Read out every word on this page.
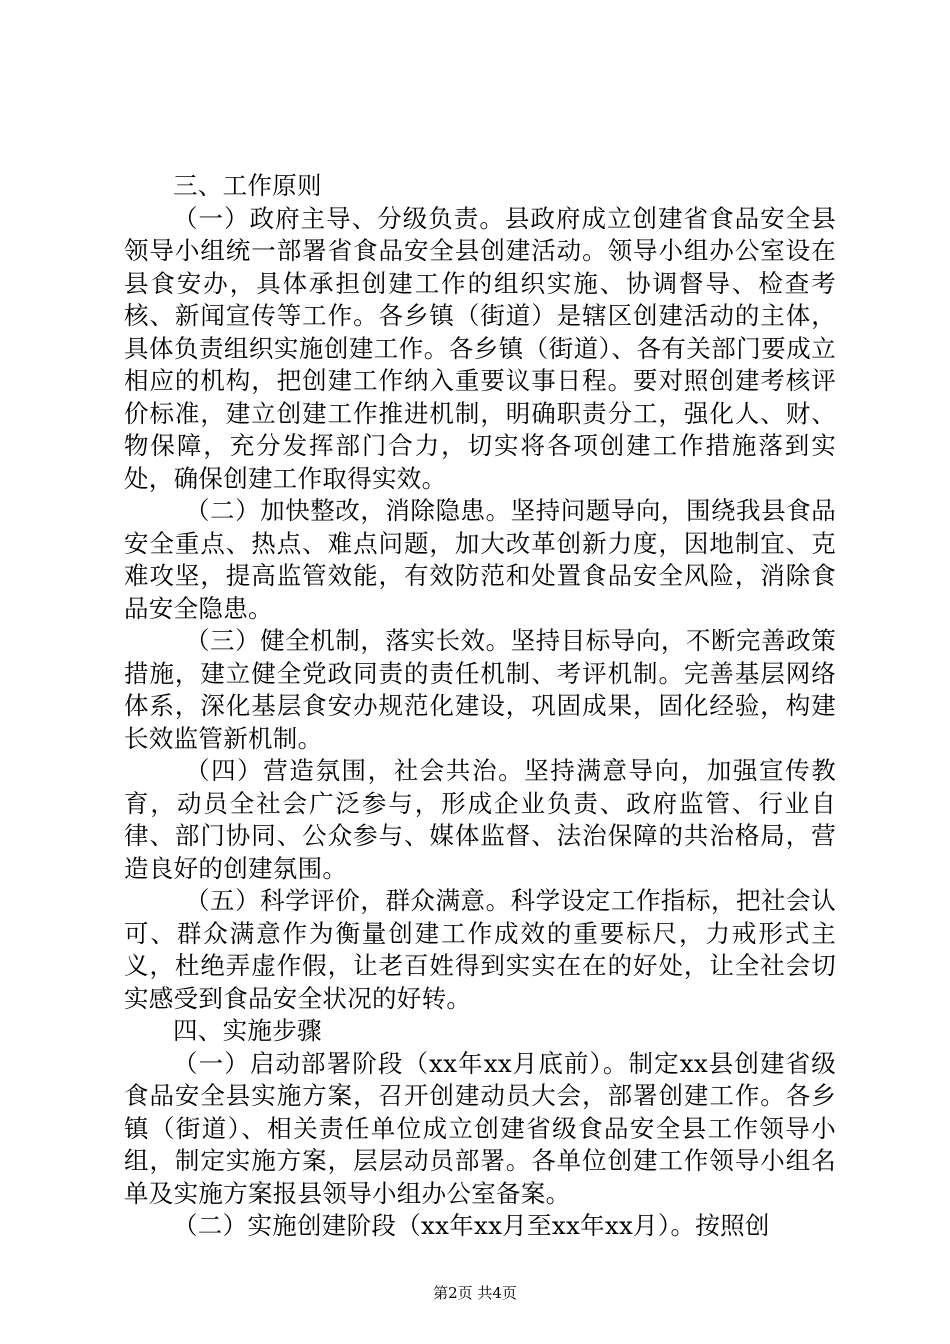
三、工作原则

（一）政府主导、分级负责。县政府成立创建省食品安全县领导小组统一部署省食品安全县创建活动。领导小组办公室设在县食安办，具体承担创建工作的组织实施、协调督导、检查考核、新闻宣传等工作。各乡镇（街道）是辖区创建活动的主体，具体负责组织实施创建工作。各乡镇（街道）、各有关部门要成立相应的机构，把创建工作纳入重要议事日程。要对照创建考核评价标准，建立创建工作推进机制，明确职责分工，强化人、财、物保障，充分发挥部门合力，切实将各项创建工作措施落到实处，确保创建工作取得实效。

（二）加快整改，消除隐患。坚持问题导向，围绕我县食品安全重点、热点、难点问题，加大改革创新力度，因地制宜、克难攻坚，提高监管效能，有效防范和处置食品安全风险，消除食品安全隐患。

（三）健全机制，落实长效。坚持目标导向，不断完善政策措施，建立健全党政同责的责任机制、考评机制。完善基层网络体系，深化基层食安办规范化建设，巩固成果，固化经验，构建长效监管新机制。

（四）营造氛围，社会共治。坚持满意导向，加强宣传教育，动员全社会广泛参与，形成企业负责、政府监管、行业自律、部门协同、公众参与、媒体监督、法治保障的共治格局，营造良好的创建氛围。

（五）科学评价，群众满意。科学设定工作指标，把社会认可、群众满意作为衡量创建工作成效的重要标尺，力戒形式主义，杜绝弄虚作假，让老百姓得到实实在在的好处，让全社会切实感受到食品安全状况的好转。

四、实施步骤

（一）启动部署阶段（xx年xx月底前）。制定xx县创建省级食品安全县实施方案，召开创建动员大会，部署创建工作。各乡镇（街道）、相关责任单位成立创建省级食品安全县工作领导小组，制定实施方案，层层动员部署。各单位创建工作领导小组名单及实施方案报县领导小组办公室备案。

（二）实施创建阶段（xx年xx月至xx年xx月）。按照创

第2页 共4页
